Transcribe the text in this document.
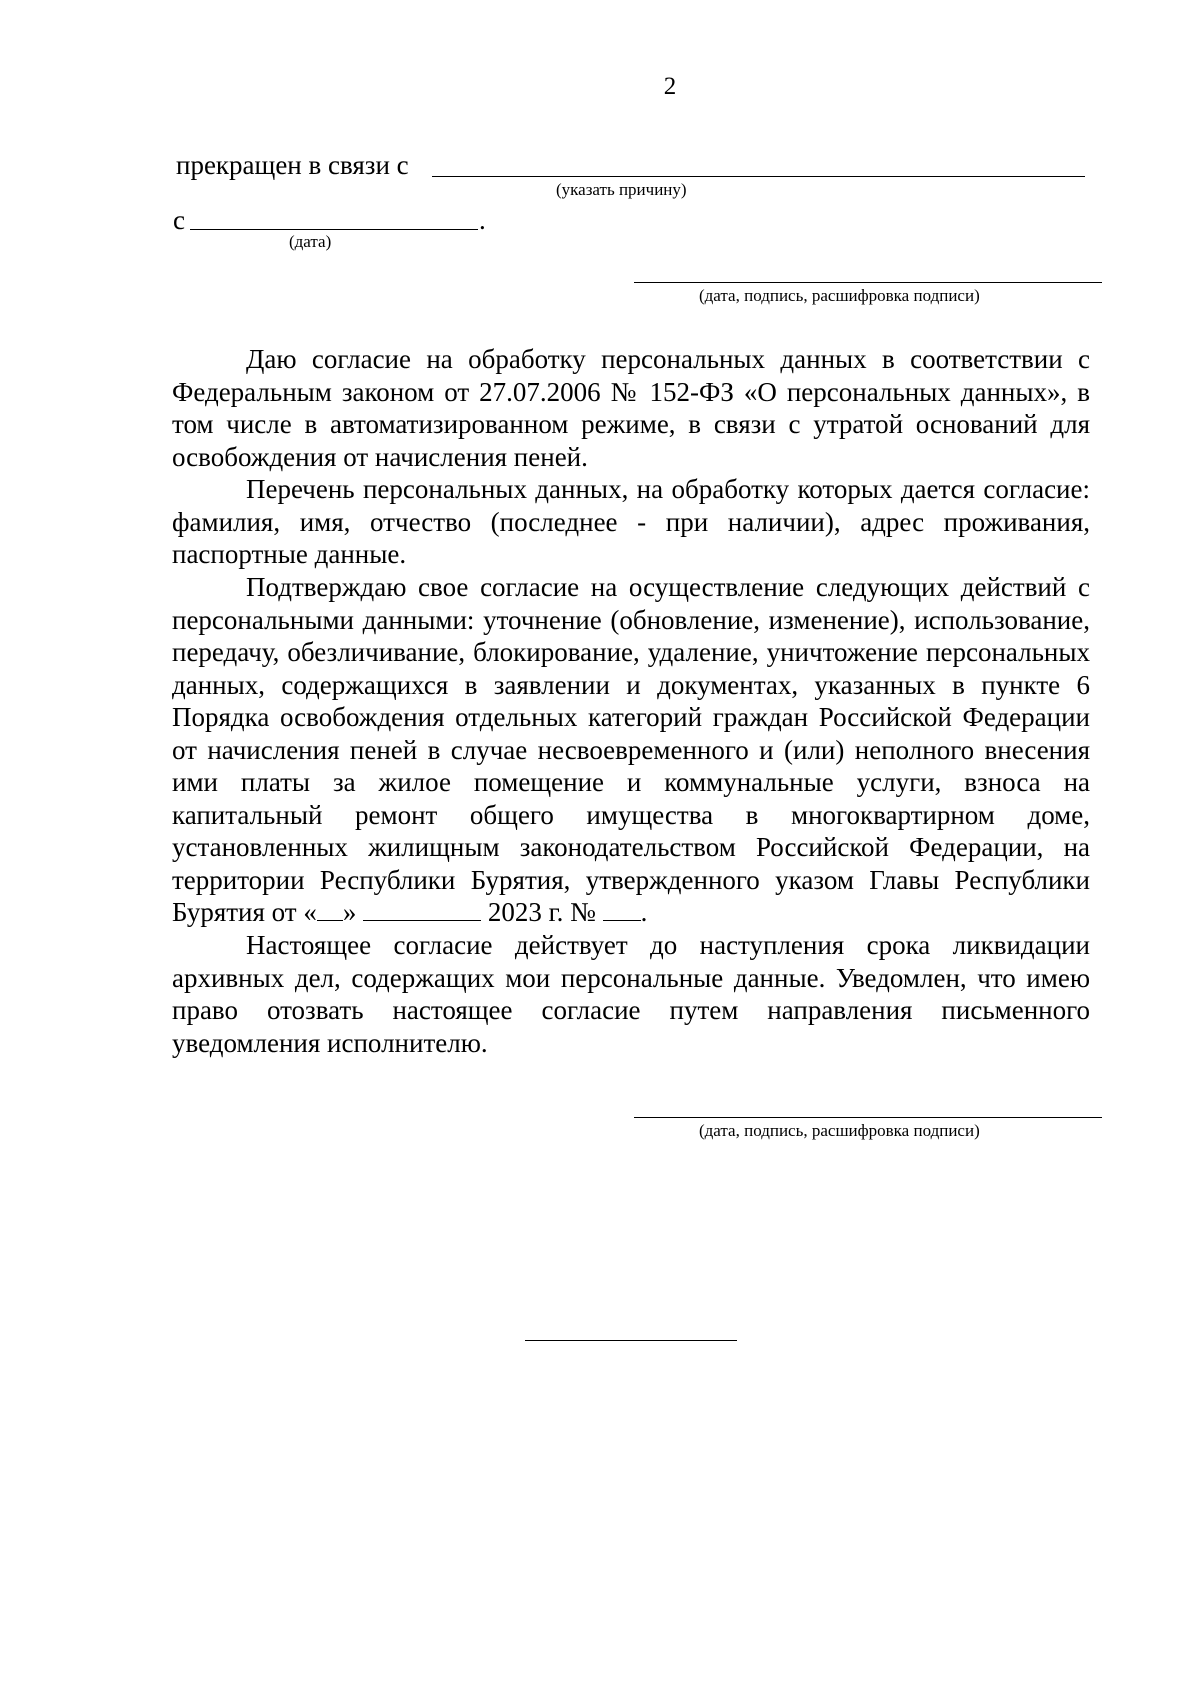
2
прекращен в связи с
(указать причину)
с	.
(дата)
(дата, подпись, расшифровка подписи)

Даю согласие на обработку персональных данных в соответствии с Федеральным законом от 27.07.2006 № 152-ФЗ «О персональных данных», в том числе в автоматизированном режиме, в связи с утратой оснований для освобождения от начисления пеней.

Перечень персональных данных, на обработку которых дается согласие: фамилия, имя, отчество (последнее - при наличии), адрес проживания, паспортные данные.

Подтверждаю свое согласие на осуществление следующих действий с персональными данными: уточнение (обновление, изменение), использование, передачу, обезличивание, блокирование, удаление, уничтожение персональных данных, содержащихся в заявлении и документах, указанных в пункте 6 Порядка освобождения отдельных категорий граждан Российской Федерации от начисления пеней в случае несвоевременного и (или) неполного внесения ими платы за жилое помещение и коммунальные услуги, взноса на капитальный ремонт общего имущества в многоквартирном доме, установленных жилищным законодательством Российской Федерации, на территории Республики Бурятия, утвержденного указом Главы Республики Бурятия от « »	2023 г. № .

Настоящее согласие действует до наступления срока ликвидации архивных дел, содержащих мои персональные данные. Уведомлен, что имею право отозвать настоящее согласие путем направления письменного уведомления исполнителю.

(дата, подпись, расшифровка подписи)
